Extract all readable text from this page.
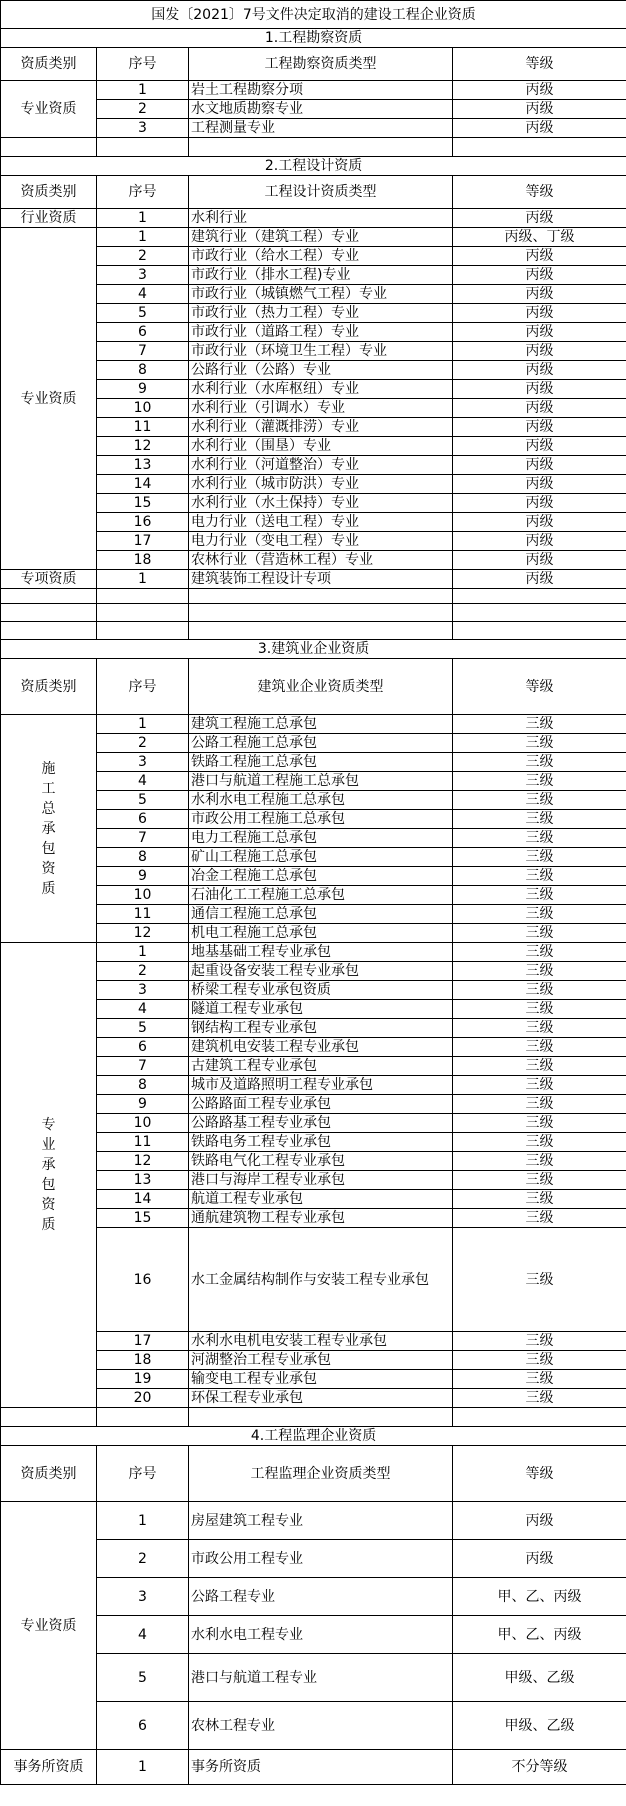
国发〔2021〕7号文件决定取消的建设工程企业资质			
1.工程勘察资质			
资质类别	序号	工程勘察资质类型	等级
专业资质	1	岩土工程勘察分项	丙级
	2	水文地质勘察专业	丙级
	3	工程测量专业	丙级

2.工程设计资质			
资质类别	序号	工程设计资质类型	等级
行业资质	1	水利行业	丙级
专业资质	1	建筑行业（建筑工程）专业	丙级、丁级
	2	市政行业（给水工程）专业	丙级
	3	市政行业（排水工程)专业	丙级
	4	市政行业（城镇燃气工程）专业	丙级
	5	市政行业（热力工程）专业	丙级
	6	市政行业（道路工程）专业	丙级
	7	市政行业（环境卫生工程）专业	丙级
	8	公路行业（公路）专业	丙级
	9	水利行业（水库枢纽）专业	丙级
	10	水利行业（引调水）专业	丙级
	11	水利行业（灌溉排涝）专业	丙级
	12	水利行业（围垦）专业	丙级
	13	水利行业（河道整治）专业	丙级
	14	水利行业（城市防洪）专业	丙级
	15	水利行业（水土保持）专业	丙级
	16	电力行业（送电工程）专业	丙级
	17	电力行业（变电工程）专业	丙级
	18	农林行业（营造林工程）专业	丙级
专项资质	1	建筑装饰工程设计专项	丙级

3.建筑业企业资质			
资质类别	序号	建筑业企业资质类型	等级

施工总承包资质	1	建筑工程施工总承包	三级
	2	公路工程施工总承包	三级
	3	铁路工程施工总承包	三级
	4	港口与航道工程施工总承包	三级
	5	水利水电工程施工总承包	三级
	6	市政公用工程施工总承包	三级
	7	电力工程施工总承包	三级
	8	矿山工程施工总承包	三级
	9	冶金工程施工总承包	三级
	10	石油化工工程施工总承包	三级
	11	通信工程施工总承包	三级
	12	机电工程施工总承包	三级

专业承包资质	1	地基基础工程专业承包	三级
	2	起重设备安装工程专业承包	三级
	3	桥梁工程专业承包资质	三级
	4	隧道工程专业承包	三级
	5	钢结构工程专业承包	三级
	6	建筑机电安装工程专业承包	三级
	7	古建筑工程专业承包	三级
	8	城市及道路照明工程专业承包	三级
	9	公路路面工程专业承包	三级
	10	公路路基工程专业承包	三级
	11	铁路电务工程专业承包	三级
	12	铁路电气化工程专业承包	三级
	13	港口与海岸工程专业承包	三级
	14	航道工程专业承包	三级
	15	通航建筑物工程专业承包	三级
	16	水工金属结构制作与安装工程专业承包	三级
	17	水利水电机电安装工程专业承包	三级
	18	河湖整治工程专业承包	三级
	19	输变电工程专业承包	三级
	20	环保工程专业承包	三级

4.工程监理企业资质			
资质类别	序号	工程监理企业资质类型	等级
专业资质	1	房屋建筑工程专业	丙级
	2	市政公用工程专业	丙级
	3	公路工程专业	甲、乙、丙级
	4	水利水电工程专业	甲、乙、丙级
	5	港口与航道工程专业	甲级、乙级
	6	农林工程专业	甲级、乙级
事务所资质	1	事务所资质	不分等级
